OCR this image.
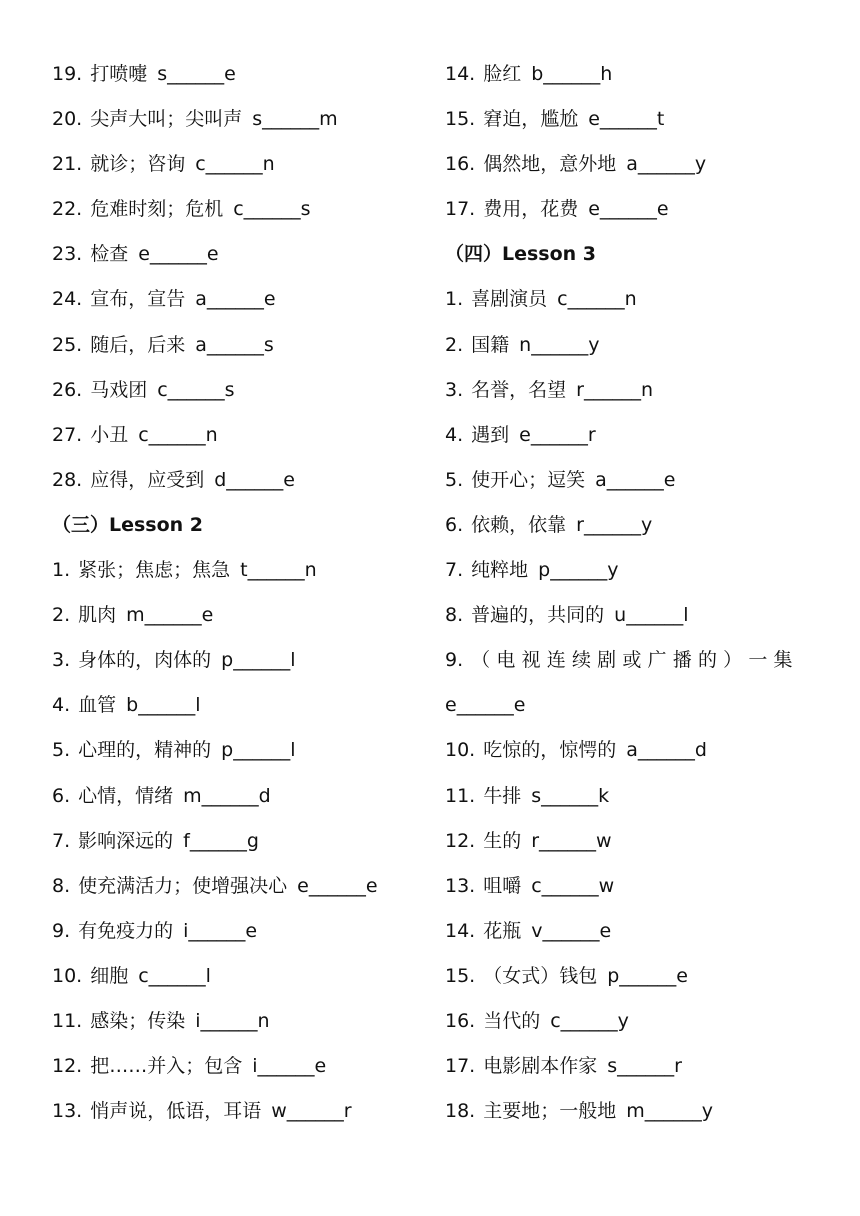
19. 打喷嚏 s______e
20. 尖声大叫；尖叫声 s______m
21. 就诊；咨询 c______n
22. 危难时刻；危机 c______s
23. 检查 e______e
24. 宣布，宣告 a______e
25. 随后，后来 a______s
26. 马戏团 c______s
27. 小丑 c______n
28. 应得，应受到 d______e
（三）Lesson 2
1. 紧张；焦虑；焦急 t______n
2. 肌肉 m______e
3. 身体的，肉体的 p______l
4. 血管 b______l
5. 心理的，精神的 p______l
6. 心情，情绪 m______d
7. 影响深远的 f______g
8. 使充满活力；使增强决心 e______e
9. 有免疫力的 i______e
10. 细胞 c______l
11. 感染；传染 i______n
12. 把……并入；包含 i______e
13. 悄声说，低语，耳语 w______r
14. 脸红 b______h
15. 窘迫，尴尬 e______t
16. 偶然地，意外地 a______y
17. 费用，花费 e______e
（四）Lesson 3
1. 喜剧演员 c______n
2. 国籍 n______y
3. 名誉，名望 r______n
4. 遇到 e______r
5. 使开心；逗笑 a______e
6. 依赖，依靠 r______y
7. 纯粹地 p______y
8. 普遍的，共同的 u______l
9. （电视连续剧或广播的）一集
e______e
10. 吃惊的，惊愕的 a______d
11. 牛排 s______k
12. 生的 r______w
13. 咀嚼 c______w
14. 花瓶 v______e
15. （女式）钱包 p______e
16. 当代的 c______y
17. 电影剧本作家 s______r
18. 主要地；一般地 m______y
